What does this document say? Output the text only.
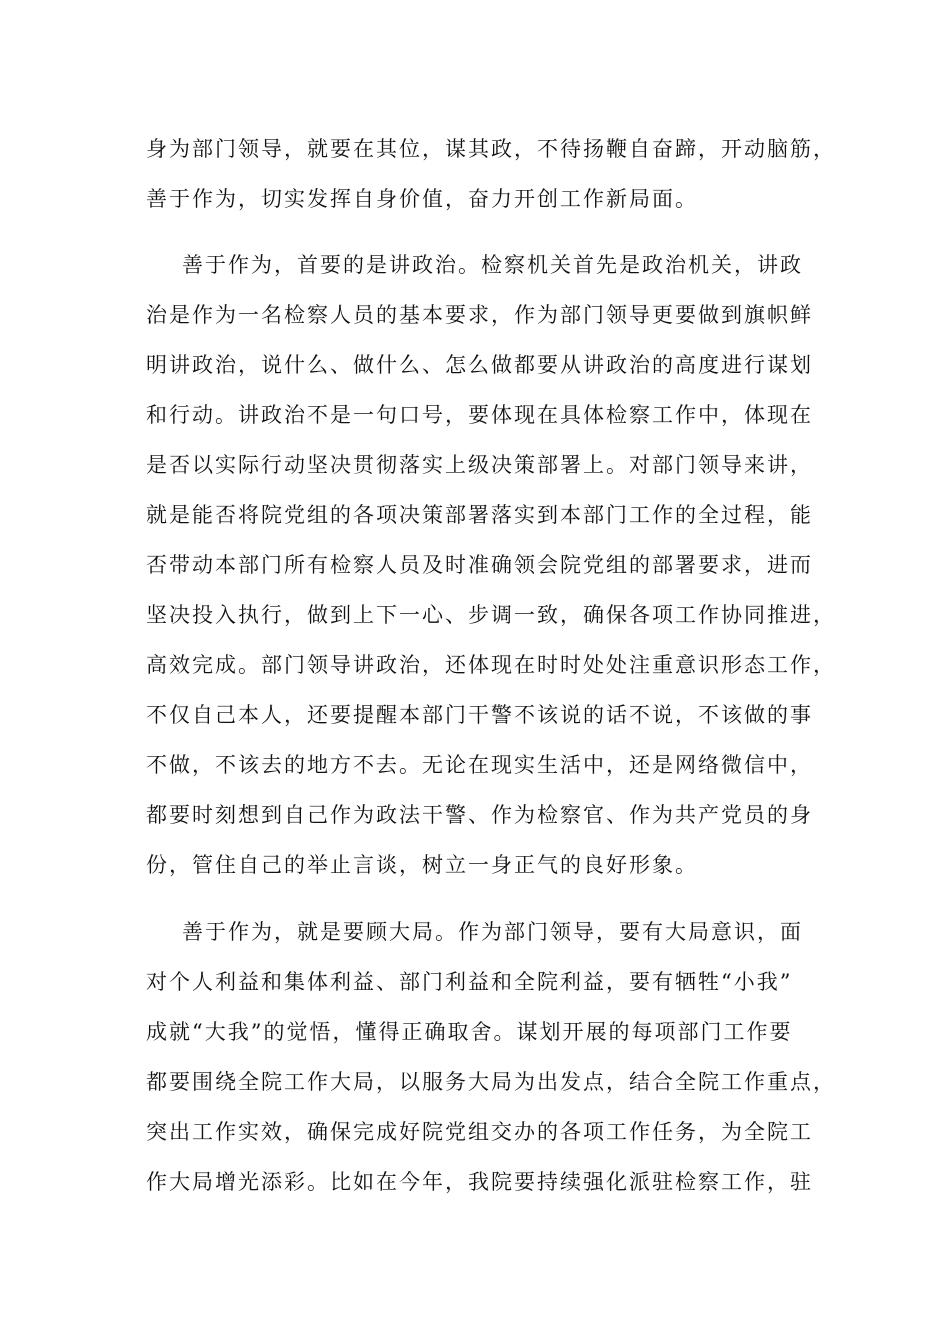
身为部门领导，就要在其位，谋其政，不待扬鞭自奋蹄，开动脑筋，
善于作为，切实发挥自身价值，奋力开创工作新局面。
善于作为，首要的是讲政治。检察机关首先是政治机关，讲政
治是作为一名检察人员的基本要求，作为部门领导更要做到旗帜鲜
明讲政治，说什么、做什么、怎么做都要从讲政治的高度进行谋划
和行动。讲政治不是一句口号，要体现在具体检察工作中，体现在
是否以实际行动坚决贯彻落实上级决策部署上。对部门领导来讲，
就是能否将院党组的各项决策部署落实到本部门工作的全过程，能
否带动本部门所有检察人员及时准确领会院党组的部署要求，进而
坚决投入执行，做到上下一心、步调一致，确保各项工作协同推进，
高效完成。部门领导讲政治，还体现在时时处处注重意识形态工作，
不仅自己本人，还要提醒本部门干警不该说的话不说，不该做的事
不做，不该去的地方不去。无论在现实生活中，还是网络微信中，
都要时刻想到自己作为政法干警、作为检察官、作为共产党员的身
份，管住自己的举止言谈，树立一身正气的良好形象。
善于作为，就是要顾大局。作为部门领导，要有大局意识，面
对个人利益和集体利益、部门利益和全院利益，要有牺牲“小我”
成就“大我”的觉悟，懂得正确取舍。谋划开展的每项部门工作要
都要围绕全院工作大局，以服务大局为出发点，结合全院工作重点，
突出工作实效，确保完成好院党组交办的各项工作任务，为全院工
作大局增光添彩。比如在今年，我院要持续强化派驻检察工作，驻
